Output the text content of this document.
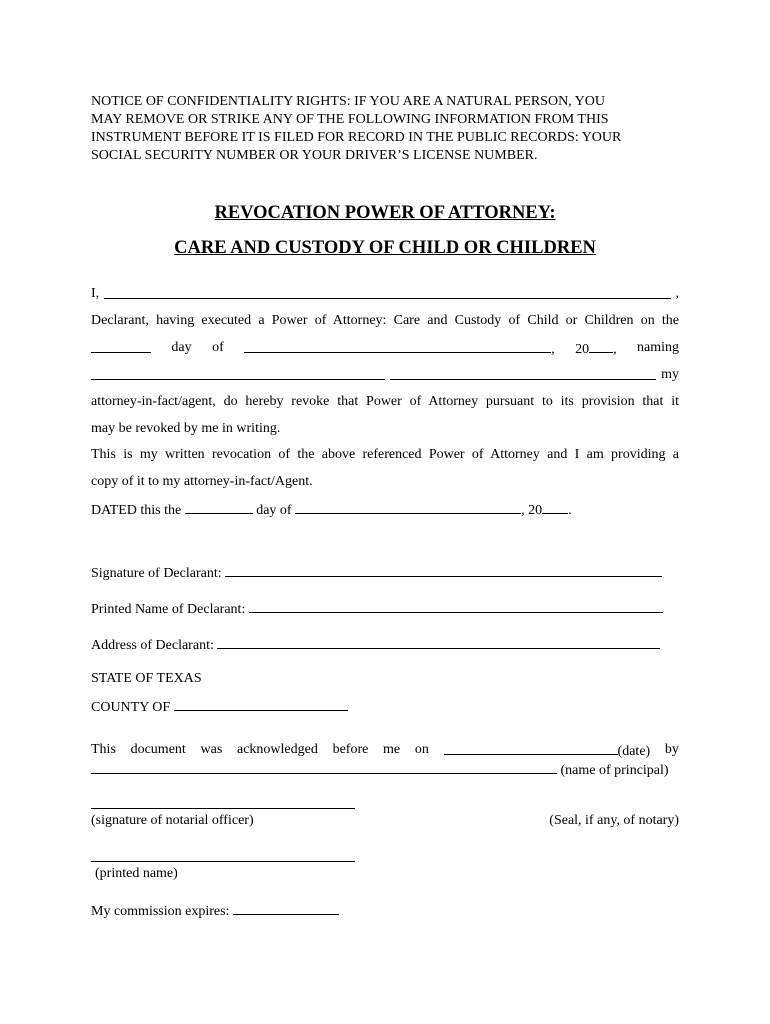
NOTICE OF CONFIDENTIALITY RIGHTS: IF YOU ARE A NATURAL PERSON, YOU
MAY REMOVE OR STRIKE ANY OF THE FOLLOWING INFORMATION FROM THIS
INSTRUMENT BEFORE IT IS FILED FOR RECORD IN THE PUBLIC RECORDS: YOUR
SOCIAL SECURITY NUMBER OR YOUR DRIVER’S LICENSE NUMBER.
REVOCATION POWER OF ATTORNEY:
CARE AND CUSTODY OF CHILD OR CHILDREN
I,	,
Declarant, having executed a Power of Attorney: Care and Custody of Child or Children on the
day of	, 20 , naming
my
attorney-in-fact/agent, do hereby revoke that Power of Attorney pursuant to its provision that it
may be revoked by me in writing.
This is my written revocation of the above referenced Power of Attorney and I am providing a
copy of it to my attorney-in-fact/Agent.
DATED this the	day of	, 20 .
Signature of Declarant:
Printed Name of Declarant:
Address of Declarant:
STATE OF TEXAS
COUNTY OF
This document was acknowledged before me on	(date) by
(name of principal)
(signature of notarial officer)	(Seal, if any, of notary)
(printed name)
My commission expires:
